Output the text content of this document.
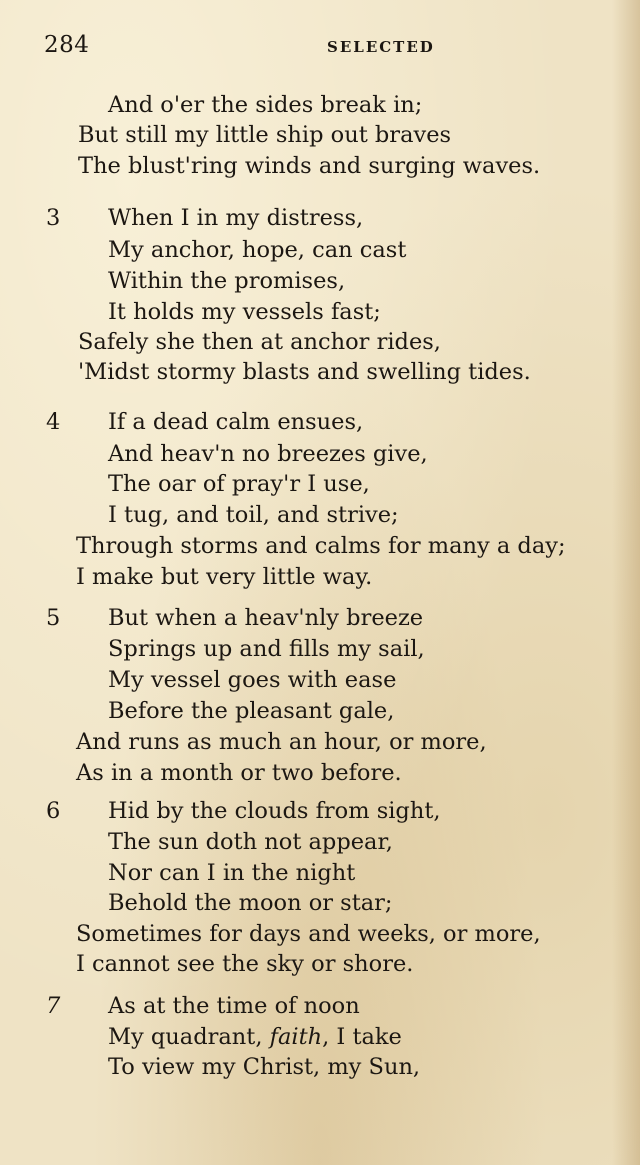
284	SELECTED
And o'er the sides break in;
But still my little ship out braves
The blust'ring winds and surging waves.
3 When I in my distress,
My anchor, hope, can cast
Within the promises,
It holds my vessels fast;
Safely she then at anchor rides,
'Midst stormy blasts and swelling tides.
4 If a dead calm ensues,
And heav'n no breezes give,
The oar of pray'r I use,
I tug, and toil, and strive;
Through storms and calms for many a day;
I make but very little way.
5 But when a heav'nly breeze
Springs up and fills my sail,
My vessel goes with ease
Before the pleasant gale,
And runs as much an hour, or more,
As in a month or two before.
6 Hid by the clouds from sight,
The sun doth not appear,
Nor can I in the night
Behold the moon or star;
Sometimes for days and weeks, or more,
I cannot see the sky or shore.
7 As at the time of noon
My quadrant, faith, I take
To view my Christ, my Sun,
